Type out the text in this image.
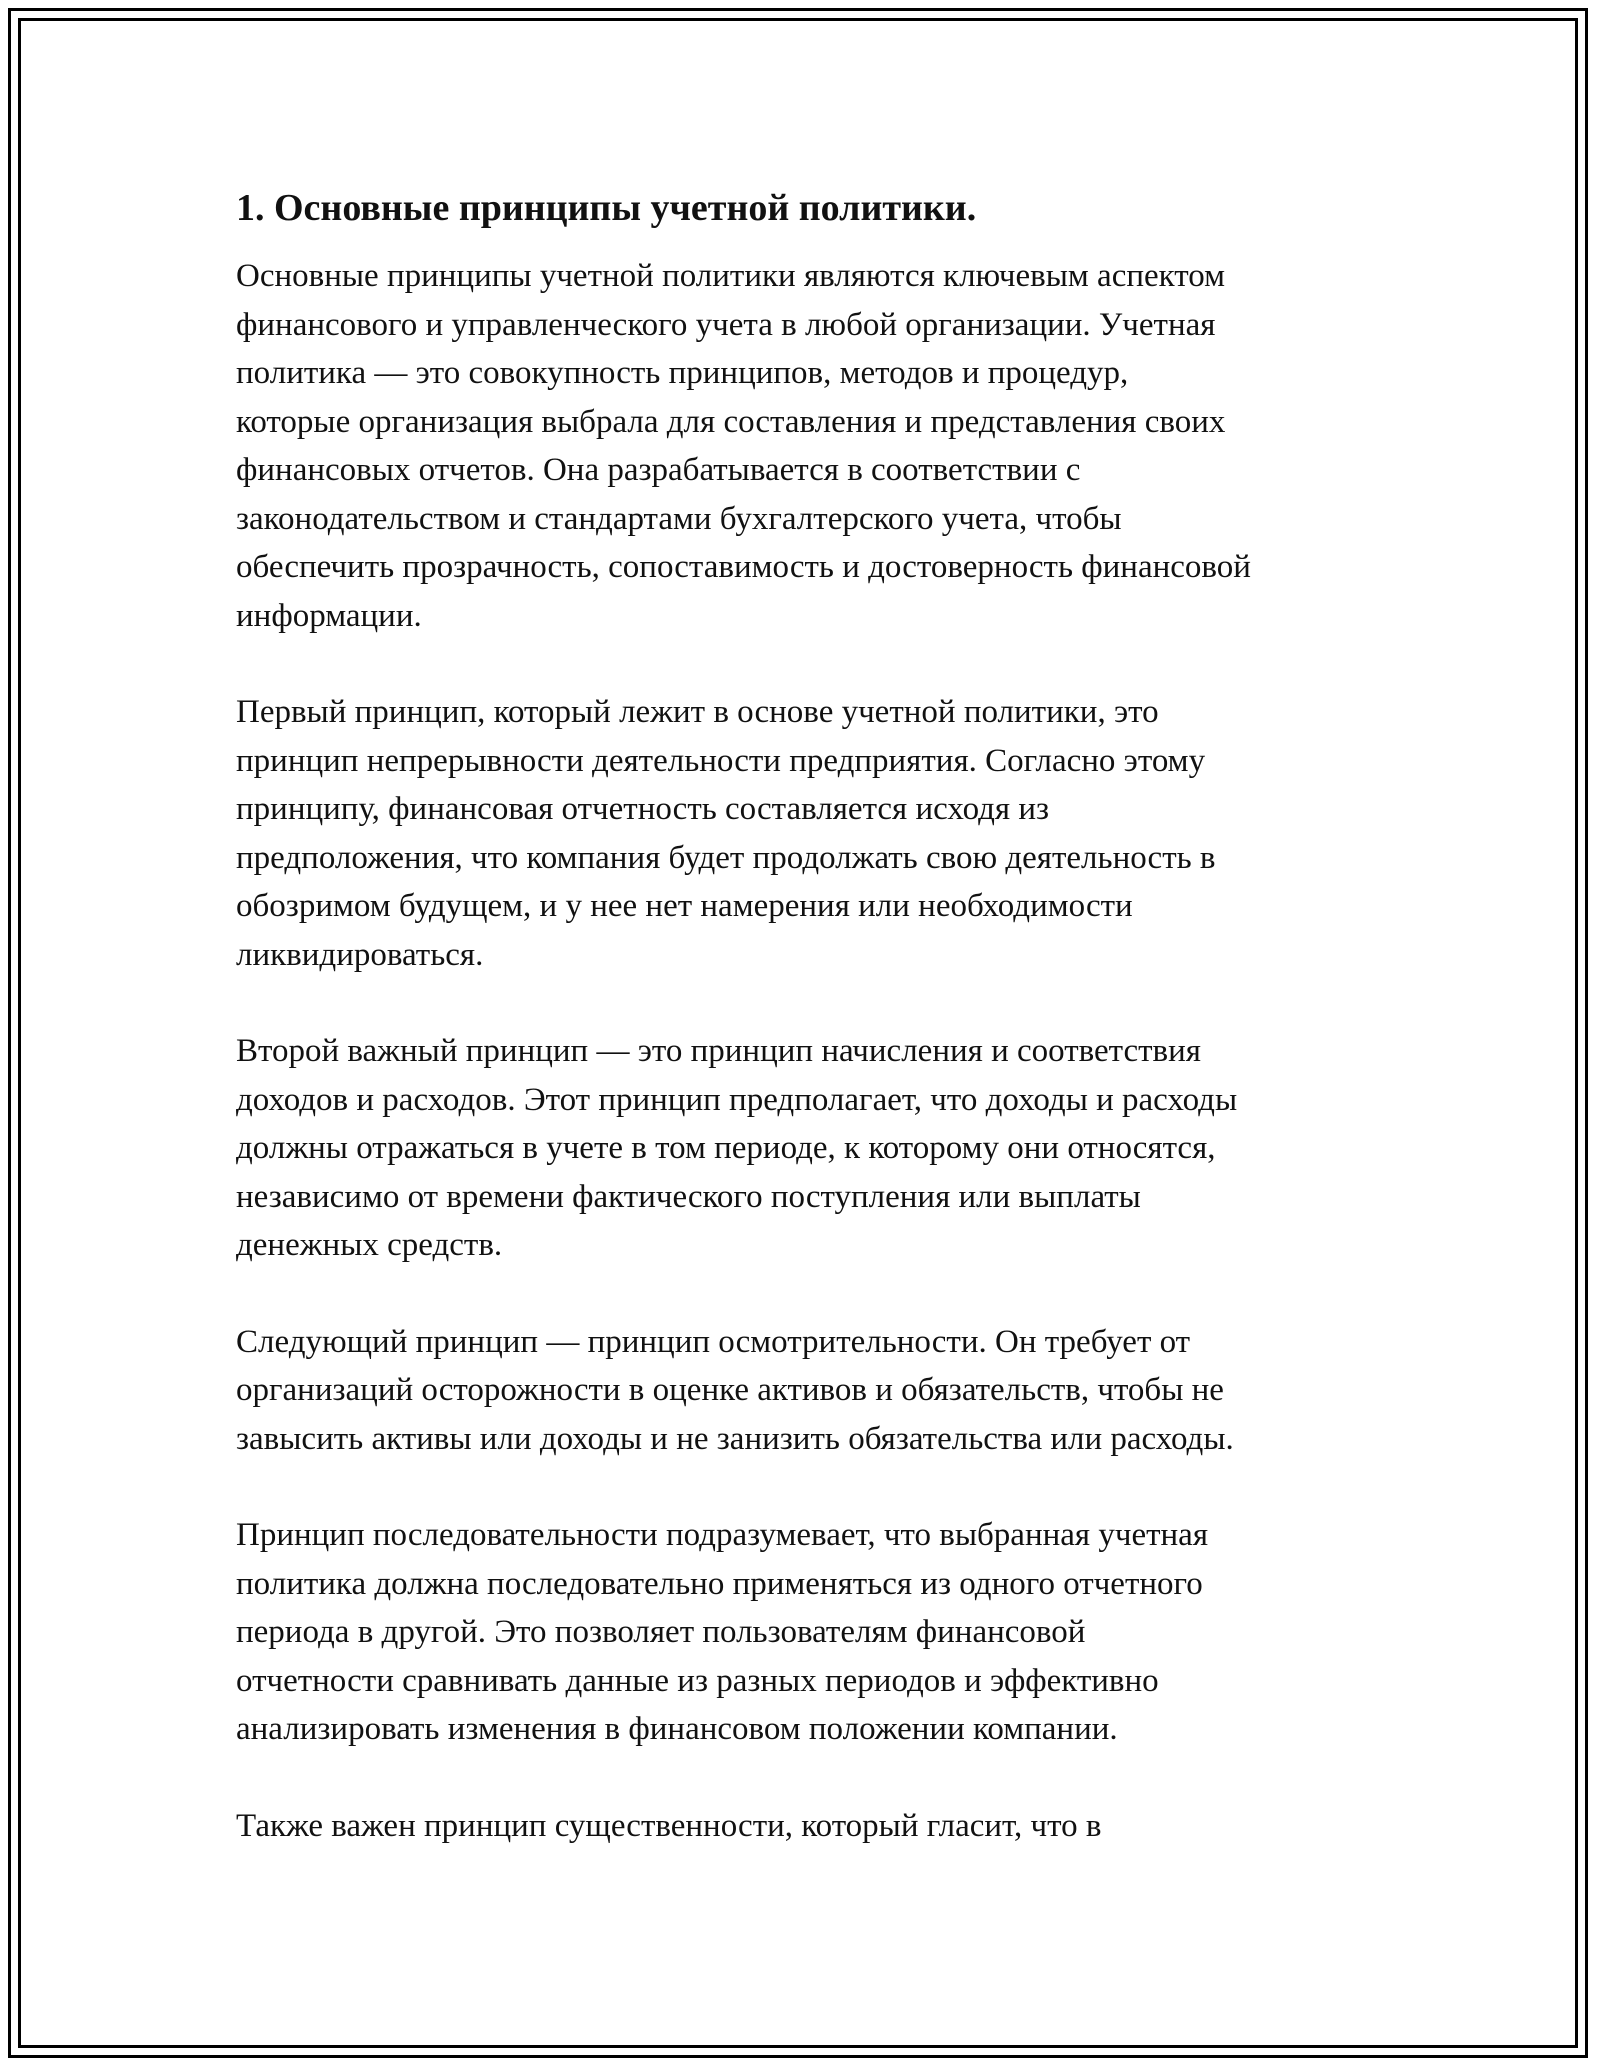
1. Основные принципы учетной политики.

Основные принципы учетной политики являются ключевым аспектом
финансового и управленческого учета в любой организации. Учетная
политика — это совокупность принципов, методов и процедур,
которые организация выбрала для составления и представления своих
финансовых отчетов. Она разрабатывается в соответствии с
законодательством и стандартами бухгалтерского учета, чтобы
обеспечить прозрачность, сопоставимость и достоверность финансовой
информации.

Первый принцип, который лежит в основе учетной политики, это
принцип непрерывности деятельности предприятия. Согласно этому
принципу, финансовая отчетность составляется исходя из
предположения, что компания будет продолжать свою деятельность в
обозримом будущем, и у нее нет намерения или необходимости
ликвидироваться.

Второй важный принцип — это принцип начисления и соответствия
доходов и расходов. Этот принцип предполагает, что доходы и расходы
должны отражаться в учете в том периоде, к которому они относятся,
независимо от времени фактического поступления или выплаты
денежных средств.

Следующий принцип — принцип осмотрительности. Он требует от
организаций осторожности в оценке активов и обязательств, чтобы не
завысить активы или доходы и не занизить обязательства или расходы.

Принцип последовательности подразумевает, что выбранная учетная
политика должна последовательно применяться из одного отчетного
периода в другой. Это позволяет пользователям финансовой
отчетности сравнивать данные из разных периодов и эффективно
анализировать изменения в финансовом положении компании.

Также важен принцип существенности, который гласит, что в
